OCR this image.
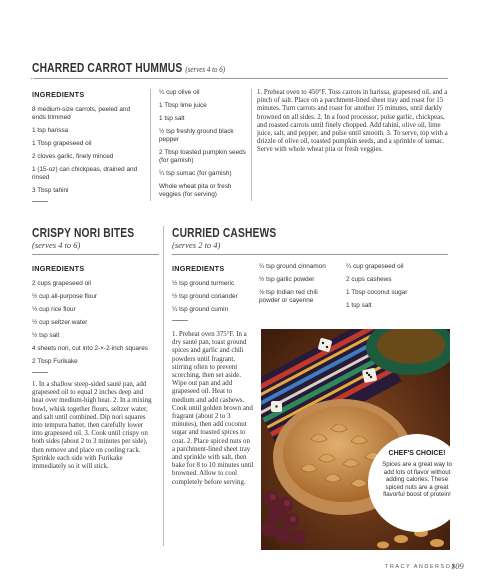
CHARRED CARROT HUMMUS (serves 4 to 6)
←
INGREDIENTS
8 medium-size carrots, peeled and ends trimmed
1 tsp harissa
1 Tbsp grapeseed oil
2 cloves garlic, finely minced
1 (15-oz) can chickpeas, drained and rinsed
3 Tbsp tahini
¼ cup olive oil
1 Tbsp lime juice
1 tsp salt
½ tsp freshly ground black pepper
2 Tbsp toasted pumpkin seeds (for garnish)
¼ tsp sumac (for garnish)
Whole wheat pita or fresh veggies (for serving)
1. Preheat oven to 450°F. Toss carrots in harissa, grapeseed oil, and a pinch of salt. Place on a parchment-lined sheet tray and roast for 15 minutes. Turn carrots and roast for another 15 minutes, until darkly browned on all sides. 2. In a food processor, pulse garlic, chickpeas, and roasted carrots until finely chopped. Add tahini, olive oil, lime juice, salt, and pepper, and pulse until smooth. 3. To serve, top with a drizzle of olive oil, toasted pumpkin seeds, and a sprinkle of sumac. Serve with whole wheat pita or fresh veggies.
CRISPY NORI BITES
(serves 4 to 6)
INGREDIENTS
2 cups grapeseed oil
½ cup all-purpose flour
½ cup rice flour
½ cup seltzer water
½ tsp salt
4 sheets nori, cut into 2-×-2-inch squares
2 Tbsp Furikake
1. In a shallow steep-sided sauté pan, add grapeseed oil to equal 2 inches deep and heat over medium-high heat. 2. In a mixing bowl, whisk together flours, seltzer water, and salt until combined. Dip nori squares into tempura batter, then carefully lower into grapeseed oil. 3. Cook until crispy on both sides (about 2 to 3 minutes per side), then remove and place on cooling rack. Sprinkle each side with Furikake immediately so it will stick.
CURRIED CASHEWS
(serves 2 to 4)
INGREDIENTS
½ tsp ground turmeric
½ tsp ground coriander
¼ tsp ground cumin
¼ tsp ground cinnamon
½ tsp garlic powder
⅛ tsp Indian red chili powder or cayenne
¼ cup grapeseed oil
2 cups cashews
1 Tbsp coconut sugar
1 tsp salt
1. Preheat oven 375°F. In a dry sauté pan, toast ground spices and garlic and chili powders until fragrant, stirring often to prevent scorching, then set aside. Wipe out pan and add grapeseed oil. Heat to medium and add cashews. Cook until golden brown and fragrant (about 2 to 3 minutes), then add coconut sugar and toasted spices to coat. 2. Place spiced nuts on a parchment-lined sheet tray and sprinkle with salt, then bake for 8 to 10 minutes until browned. Allow to cool completely before serving.
CHEF'S CHOICE!
Spices are a great way to add lots of flavor without adding calories. These spiced nuts are a great flavorful boost of protein!
TRACY ANDERSON
109
